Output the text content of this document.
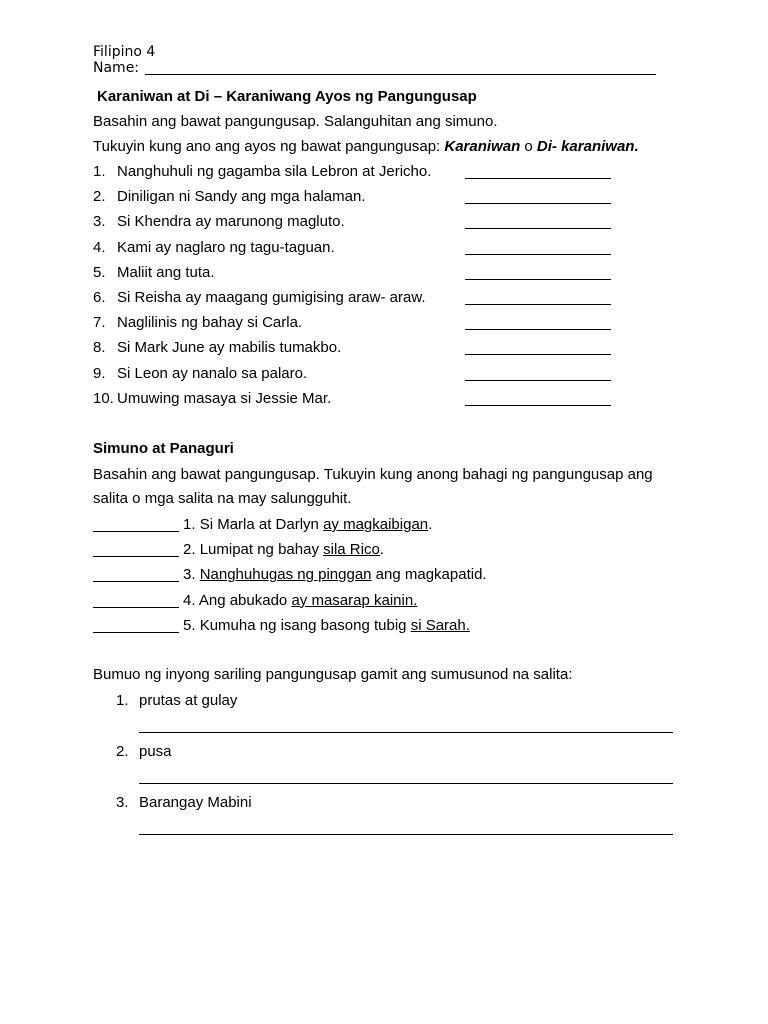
Filipino 4
Name:
Karaniwan at Di – Karaniwang Ayos ng Pangungusap
Basahin ang bawat pangungusap. Salanguhitan ang simuno.
Tukuyin kung ano ang ayos ng bawat pangungusap: Karaniwan o Di- karaniwan.
1. Nanghuhuli ng gagamba sila Lebron at Jericho.
2. Diniligan ni Sandy ang mga halaman.
3. Si Khendra ay marunong magluto.
4. Kami ay naglaro ng tagu-taguan.
5. Maliit ang tuta.
6. Si Reisha ay maagang gumigising araw- araw.
7. Naglilinis ng bahay si Carla.
8. Si Mark June ay mabilis tumakbo.
9. Si Leon ay nanalo sa palaro.
10. Umuwing masaya si Jessie Mar.
Simuno at Panaguri
Basahin ang bawat pangungusap. Tukuyin kung anong bahagi ng pangungusap ang
salita o mga salita na may salungguhit.
1. Si Marla at Darlyn ay magkaibigan.
2. Lumipat ng bahay sila Rico.
3. Nanghuhugas ng pinggan ang magkapatid.
4. Ang abukado ay masarap kainin.
5. Kumuha ng isang basong tubig si Sarah.
Bumuo ng inyong sariling pangungusap gamit ang sumusunod na salita:
1. prutas at gulay
2. pusa
3. Barangay Mabini
